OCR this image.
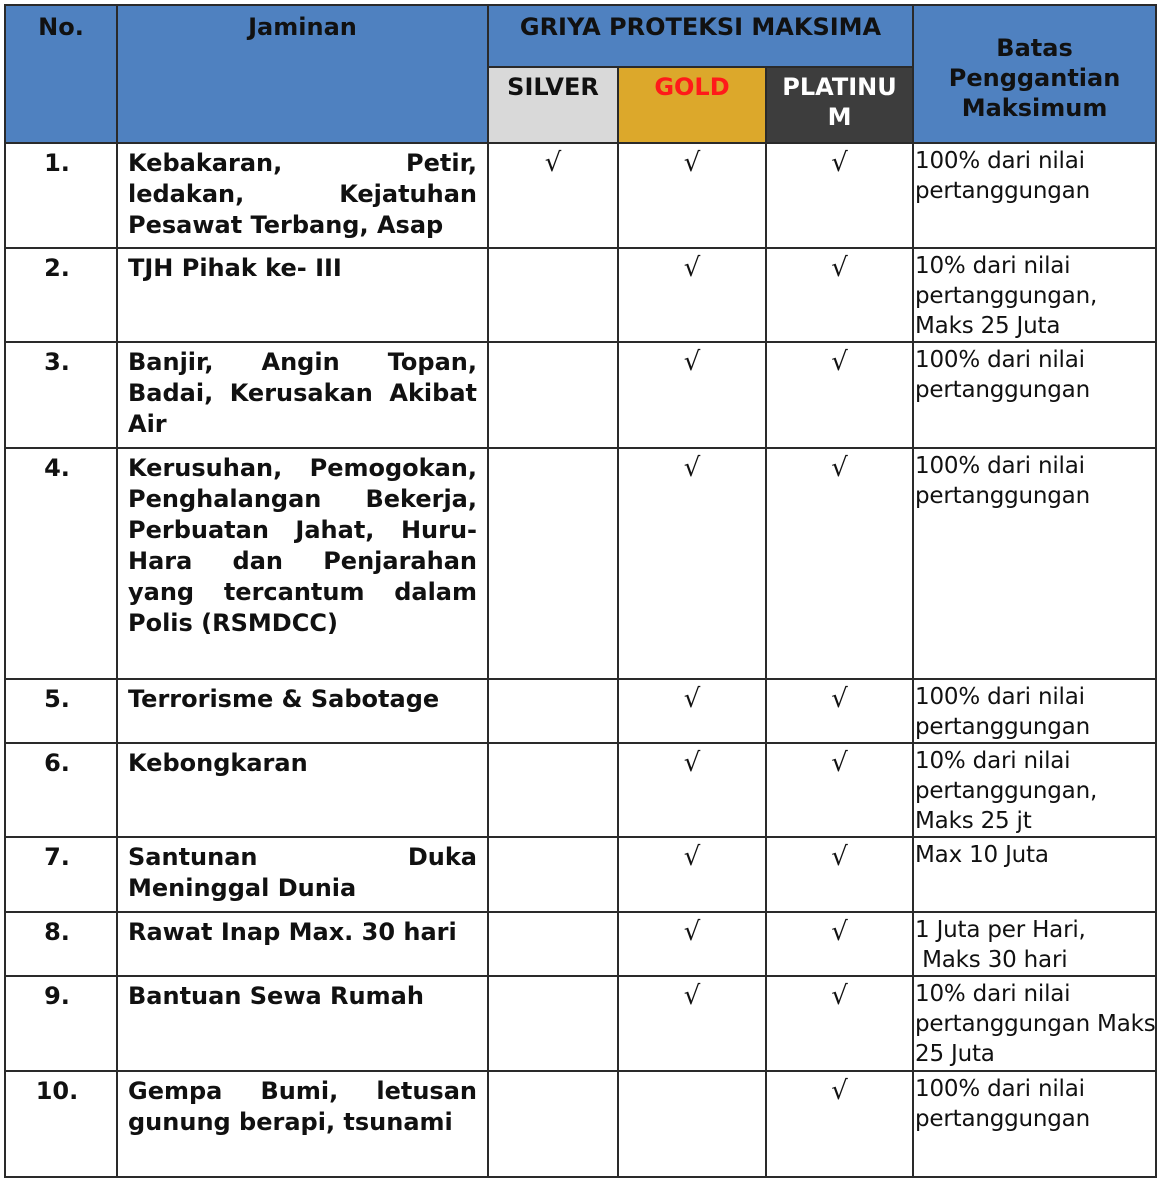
No.	Jaminan	GRIYA PROTEKSI MAKSIMA			Batas
Penggantian
Maksimum

		SILVER	GOLD	PLATINU
M	

1.	Kebakaran, Petir, ledakan, Kejatuhan Pesawat Terbang, Asap	√	√	√	100% dari nilai
pertanggungan

2.	TJH Pihak ke- III		√	√	10% dari nilai
pertanggungan,
Maks 25 Juta

3.	Banjir, Angin Topan, Badai, Kerusakan Akibat Air		√	√	100% dari nilai
pertanggungan

4.	Kerusuhan, Pemogokan, Penghalangan Bekerja, Perbuatan Jahat, Huru-Hara dan Penjarahan yang tercantum dalam Polis (RSMDCC)		√	√	100% dari nilai
pertanggungan

5.	Terrorisme & Sabotage		√	√	100% dari nilai
pertanggungan

6.	Kebongkaran		√	√	10% dari nilai
pertanggungan,
Maks 25 jt

7.	Santunan Duka Meninggal Dunia		√	√	Max 10 Juta

8.	Rawat Inap Max. 30 hari		√	√	1 Juta per Hari,
Maks 30 hari

9.	Bantuan Sewa Rumah		√	√	10% dari nilai
pertanggungan Maks
25 Juta

10.	Gempa Bumi, letusan gunung berapi, tsunami			√	100% dari nilai
pertanggungan
